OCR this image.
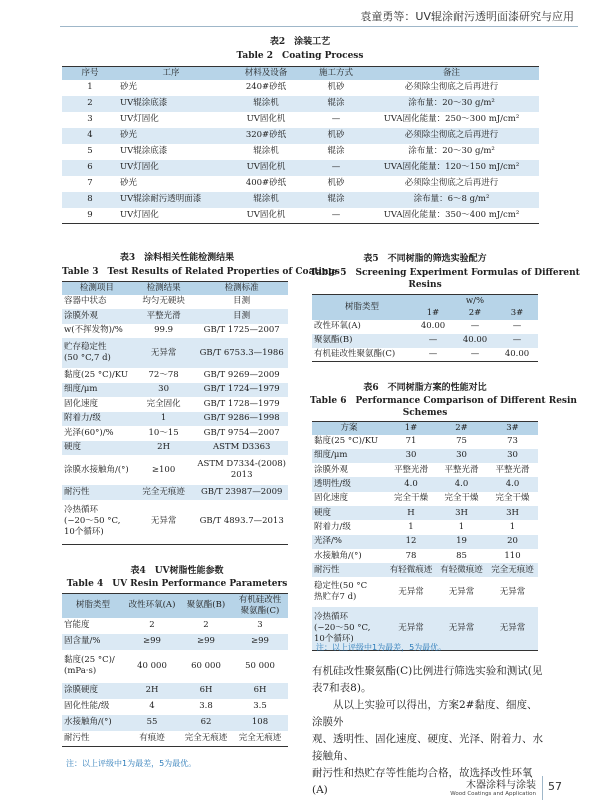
袁童勇等：UV辊涂耐污透明面漆研究与应用
表2　涂装工艺
Table 2　Coating Process
序号	工序	材料及设备	施工方式	备注
1	砂光	240#砂纸	机砂	必须除尘彻底之后再进行
2	UV辊涂底漆	辊涂机	辊涂	涂布量：20～30 g/m²
3	UV灯固化	UV固化机	—	UVA固化能量：250～300 mJ/cm²
4	砂光	320#砂纸	机砂	必须除尘彻底之后再进行
5	UV辊涂底漆	辊涂机	辊涂	涂布量：20～30 g/m²
6	UV灯固化	UV固化机	—	UVA固化能量：120～150 mJ/cm²
7	砂光	400#砂纸	机砂	必须除尘彻底之后再进行
8	UV辊涂耐污透明面漆	辊涂机	辊涂	涂布量：6～8 g/m²
9	UV灯固化	UV固化机	—	UVA固化能量：350～400 mJ/cm²
表3　涂料相关性能检测结果
Table 3　Test Results of Related Properties of Coatings
检测项目	检测结果	检测标准
容器中状态	均匀无硬块	目测
涂膜外观	平整光滑	目测
w(不挥发物)/%	99.9	GB/T 1725—2007
贮存稳定性
(50 °C,7 d)	无异常	GB/T 6753.3—1986
黏度(25 °C)/KU	72～78	GB/T 9269—2009
细度/μm	30	GB/T 1724—1979
固化速度	完全固化	GB/T 1728—1979
附着力/级	1	GB/T 9286—1998
光泽(60°)/%	10～15	GB/T 9754—2007
硬度	2H	ASTM D3363
涂膜水接触角/(°)	≥100	ASTM D7334-(2008)
2013
耐污性	完全无痕迹	GB/T 23987—2009
冷热循环
(−20～50 °C,
10个循环)	无异常	GB/T 4893.7—2013
表4　UV树脂性能参数
Table 4　UV Resin Performance Parameters
树脂类型	改性环氧(A)	聚氨酯(B)	有机硅改性
聚氨酯(C)
官能度	2	2	3
固含量/%	≥99	≥99	≥99
黏度(25 °C)/
(mPa·s)	40 000	60 000	50 000
涂膜硬度	2H	6H	6H
固化性能/级	4	3.8	3.5
水接触角/(°)	55	62	108
耐污性	有痕迹	完全无痕迹	完全无痕迹
注：以上评级中1为最差，5为最优。
表5　不同树脂的筛选实验配方
Table 5　Screening Experiment Formulas of Different
Resins
树脂类型	w/%		
	1#	2#	3#
改性环氧(A)	40.00	—	—
聚氨酯(B)	—	40.00	—
有机硅改性聚氨酯(C)	—	—	40.00
表6　不同树脂方案的性能对比
Table 6　Performance Comparison of Different Resin
Schemes
方案	1#	2#	3#
黏度(25 °C)/KU	71	75	73
细度/μm	30	30	30
涂膜外观	平整光滑	平整光滑	平整光滑
透明性/级	4.0	4.0	4.0
固化速度	完全干燥	完全干燥	完全干燥
硬度	H	3H	3H
附着力/级	1	1	1
光泽/%	12	19	20
水接触角/(°)	78	85	110
耐污性	有轻微痕迹	有轻微痕迹	完全无痕迹
稳定性(50 °C
热贮存7 d)	无异常	无异常	无异常
冷热循环
(−20～50 °C,
10个循环)	无异常	无异常	无异常
注：以上评级中1为最差，5为最优。
有机硅改性聚氨酯(C)比例进行筛选实验和测试(见
表7和表8)。
　　从以上实验可以得出，方案2#黏度、细度、涂膜外
观、透明性、固化速度、硬度、光泽、附着力、水接触角、
耐污性和热贮存等性能均合格，故选择改性环氧(A)	木器涂料与涂装
Wood Coatings and Application
57
